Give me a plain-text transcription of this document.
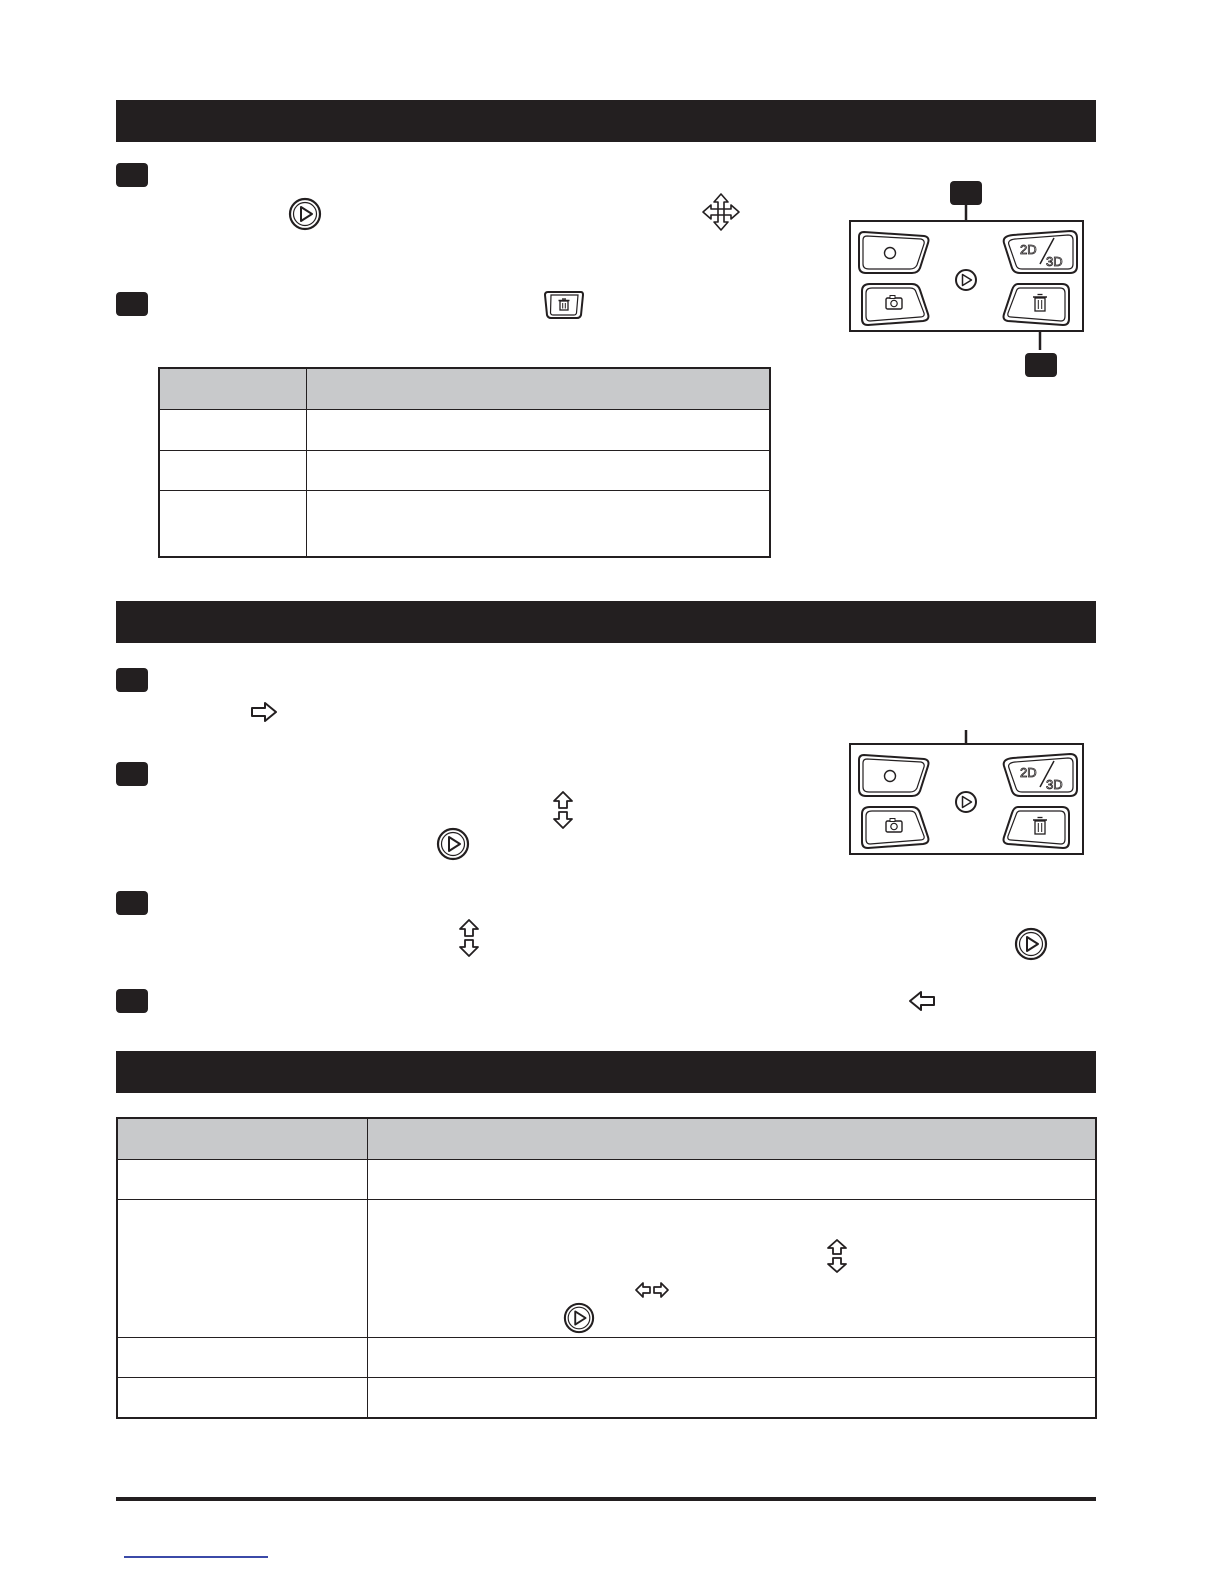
2D
3D
2D
3D
